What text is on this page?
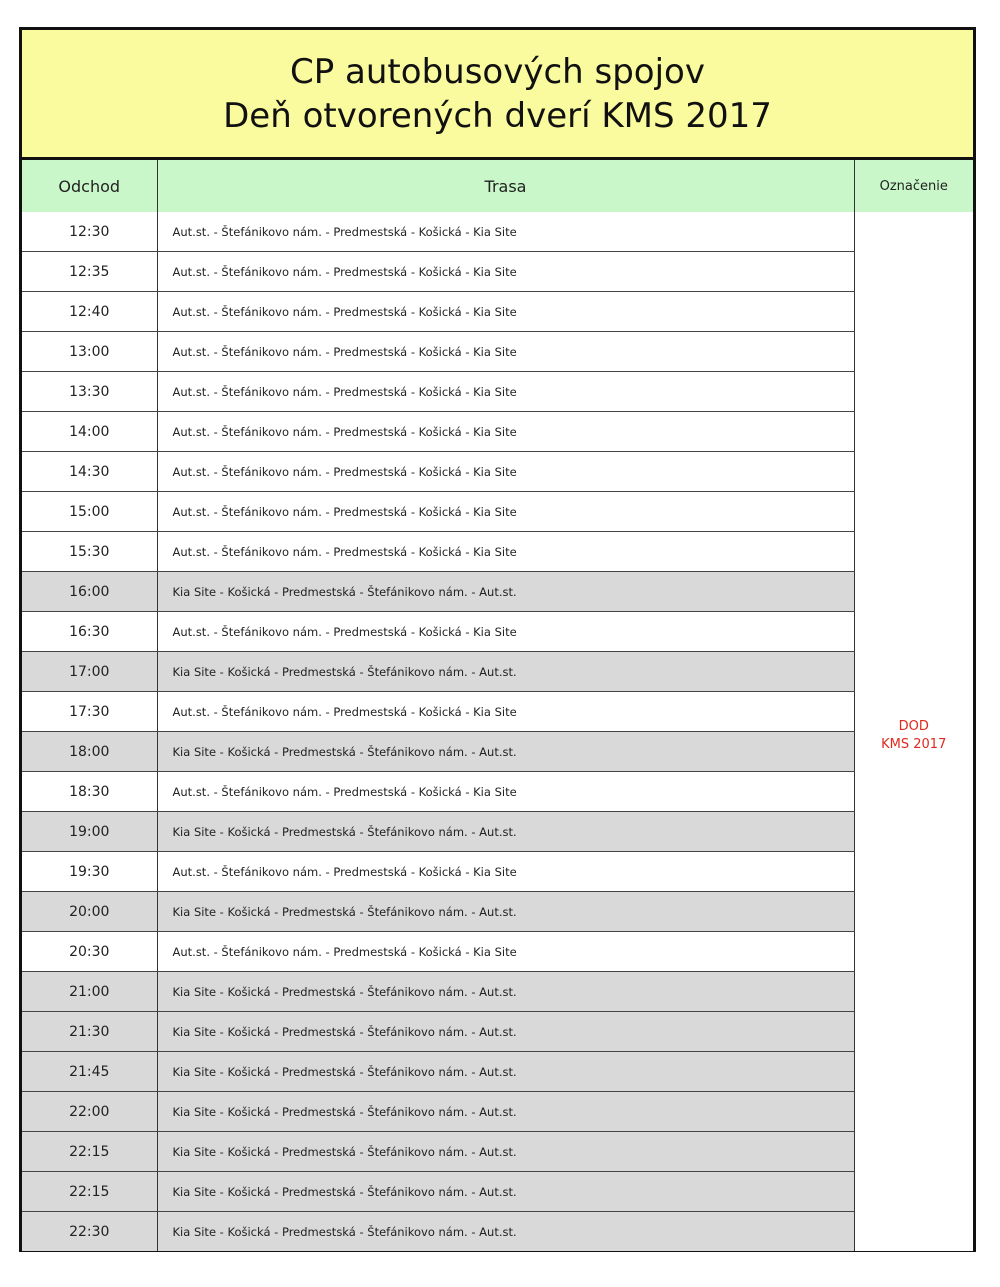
CP autobusových spojov
Deň otvorených dverí KMS 2017
Odchod	Trasa	Označenie
12:30	Aut.st. - Štefánikovo nám. - Predmestská - Košická - Kia Site	DOD
KMS 2017

12:35	Aut.st. - Štefánikovo nám. - Predmestská - Košická - Kia Site	
12:40	Aut.st. - Štefánikovo nám. - Predmestská - Košická - Kia Site	
13:00	Aut.st. - Štefánikovo nám. - Predmestská - Košická - Kia Site	
13:30	Aut.st. - Štefánikovo nám. - Predmestská - Košická - Kia Site	
14:00	Aut.st. - Štefánikovo nám. - Predmestská - Košická - Kia Site	
14:30	Aut.st. - Štefánikovo nám. - Predmestská - Košická - Kia Site	
15:00	Aut.st. - Štefánikovo nám. - Predmestská - Košická - Kia Site	
15:30	Aut.st. - Štefánikovo nám. - Predmestská - Košická - Kia Site	
16:00	Kia Site - Košická - Predmestská - Štefánikovo nám. - Aut.st.	
16:30	Aut.st. - Štefánikovo nám. - Predmestská - Košická - Kia Site	
17:00	Kia Site - Košická - Predmestská - Štefánikovo nám. - Aut.st.	
17:30	Aut.st. - Štefánikovo nám. - Predmestská - Košická - Kia Site	
18:00	Kia Site - Košická - Predmestská - Štefánikovo nám. - Aut.st.	
18:30	Aut.st. - Štefánikovo nám. - Predmestská - Košická - Kia Site	
19:00	Kia Site - Košická - Predmestská - Štefánikovo nám. - Aut.st.	
19:30	Aut.st. - Štefánikovo nám. - Predmestská - Košická - Kia Site	
20:00	Kia Site - Košická - Predmestská - Štefánikovo nám. - Aut.st.	
20:30	Aut.st. - Štefánikovo nám. - Predmestská - Košická - Kia Site	
21:00	Kia Site - Košická - Predmestská - Štefánikovo nám. - Aut.st.	
21:30	Kia Site - Košická - Predmestská - Štefánikovo nám. - Aut.st.	
21:45	Kia Site - Košická - Predmestská - Štefánikovo nám. - Aut.st.	
22:00	Kia Site - Košická - Predmestská - Štefánikovo nám. - Aut.st.	
22:15	Kia Site - Košická - Predmestská - Štefánikovo nám. - Aut.st.	
22:15	Kia Site - Košická - Predmestská - Štefánikovo nám. - Aut.st.	
22:30	Kia Site - Košická - Predmestská - Štefánikovo nám. - Aut.st.	
